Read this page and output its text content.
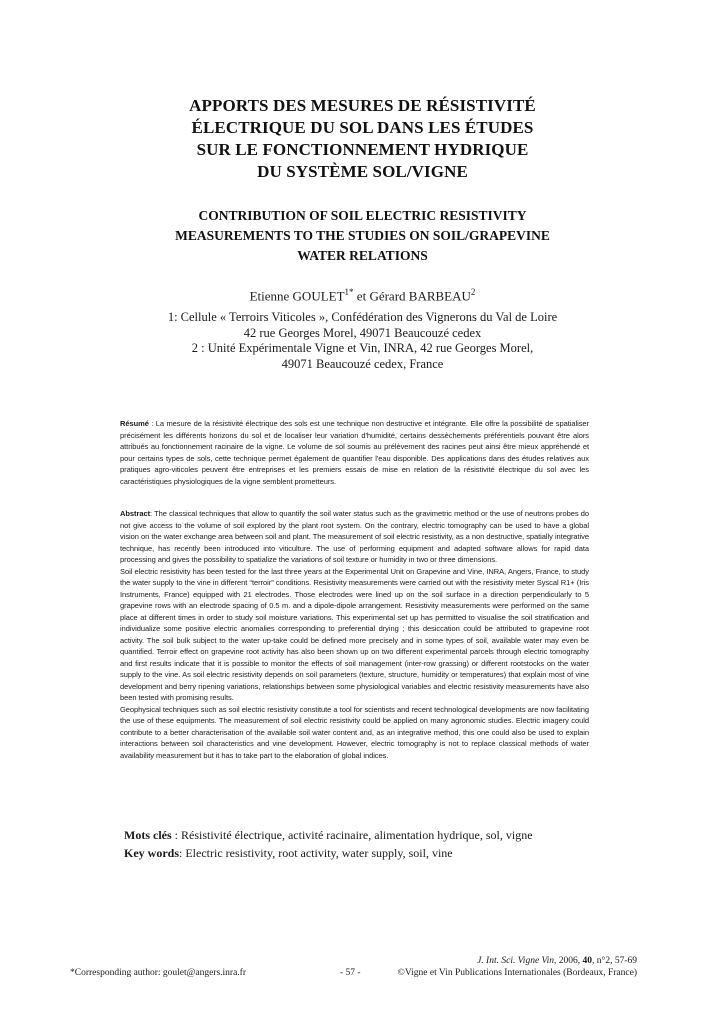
APPORTS DES MESURES DE RÉSISTIVITÉ
ÉLECTRIQUE DU SOL DANS LES ÉTUDES
SUR LE FONCTIONNEMENT HYDRIQUE
DU SYSTÈME SOL/VIGNE
CONTRIBUTION OF SOIL ELECTRIC RESISTIVITY
MEASUREMENTS TO THE STUDIES ON SOIL/GRAPEVINE
WATER RELATIONS
Etienne $GOULET^{1*}$ et Gérard BARBEAU$^2$
1: Cellule « Terroirs Viticoles », Confédération des Vignerons du Val de Loire
42 rue Georges Morel, 49071 Beaucouzé cedex
2 : Unité Expérimentale Vigne et Vin, INRA, 42 rue Georges Morel,
49071 Beaucouzé cedex, France

Résumé : La mesure de la résistivité électrique des sols est une technique non destructive et intégrante. Elle offre la possibilité de spatialiser précisément les différents horizons du sol et de localiser leur variation d'humidité, certains dessèchements préférentiels pouvant être alors attribués au fonctionnement racinaire de la vigne. Le volume de sol soumis au prélèvement des racines peut ainsi être mieux appréhendé et pour certains types de sols, cette technique permet également de quantifier l'eau disponible. Des applications dans des études relatives aux pratiques agro-viticoles peuvent être entreprises et les premiers essais de mise en relation de la résistivité électrique du sol avec les caractéristiques physiologiques de la vigne semblent prometteurs.

Abstract: The classical techniques that allow to quantify the soil water status such as the gravimetric method or the use of neutrons probes do not give access to the volume of soil explored by the plant root system. On the contrary, electric tomography can be used to have a global vision on the water exchange area between soil and plant. The measurement of soil electric resistivity, as a non destructive, spatially integrative technique, has recently been introduced into viticulture. The use of performing equipment and adapted software allows for rapid data processing and gives the possibility to spatialize the variations of soil texture or humidity in two or three dimensions.

Soil electric resistivity has been tested for the last three years at the Experimental Unit on Grapevine and Vine, INRA, Angers, France, to study the water supply to the vine in different “terroir” conditions. Resistivity measurements were carried out with the resistivity meter Syscal R1+ (Iris Instruments, France) equipped with 21 electrodes. Those electrodes were lined up on the soil surface in a direction perpendicularly to 5 grapevine rows with an electrode spacing of 0.5 m. and a dipole-dipole arrangement. Resistivity measurements were performed on the same place at different times in order to study soil moisture variations. This experimental set up has permitted to visualise the soil stratification and individualize some positive electric anomalies corresponding to preferential drying ; this desiccation could be attributed to grapevine root activity. The soil bulk subject to the water up-take could be defined more precisely and in some types of soil, available water may even be quantified. Terroir effect on grapevine root activity has also been shown up on two different experimental parcels through electric tomography and first results indicate that it is possible to monitor the effects of soil management (inter-row grassing) or different rootstocks on the water supply to the vine. As soil electric resistivity depends on soil parameters (texture, structure, humidity or temperatures) that explain most of vine development and berry ripening variations, relationships between some physiological variables and electric resistivity measurements have also been tested with promising results.

Geophysical techniques such as soil electric resistivity constitute a tool for scientists and recent technological developments are now facilitating the use of these equipments. The measurement of soil electric resistivity could be applied on many agronomic studies. Electric imagery could contribute to a better characterisation of the available soil water content and, as an integrative method, this one could also be used to explain interactions between soil characteristics and vine development. However, electric tomography is not to replace classical methods of water availability measurement but it has to take part to the elaboration of global indices.

Mots clés : Résistivité électrique, activité racinaire, alimentation hydrique, sol, vigne

Key words: Electric resistivity, root activity, water supply, soil, vine

J. Int. Sci. Vigne Vin, 2006, 40, n°2, 57-69
*Corresponding author: goulet@angers.inra.fr	- 57 -	©Vigne et Vin Publications Internationales (Bordeaux, France)
